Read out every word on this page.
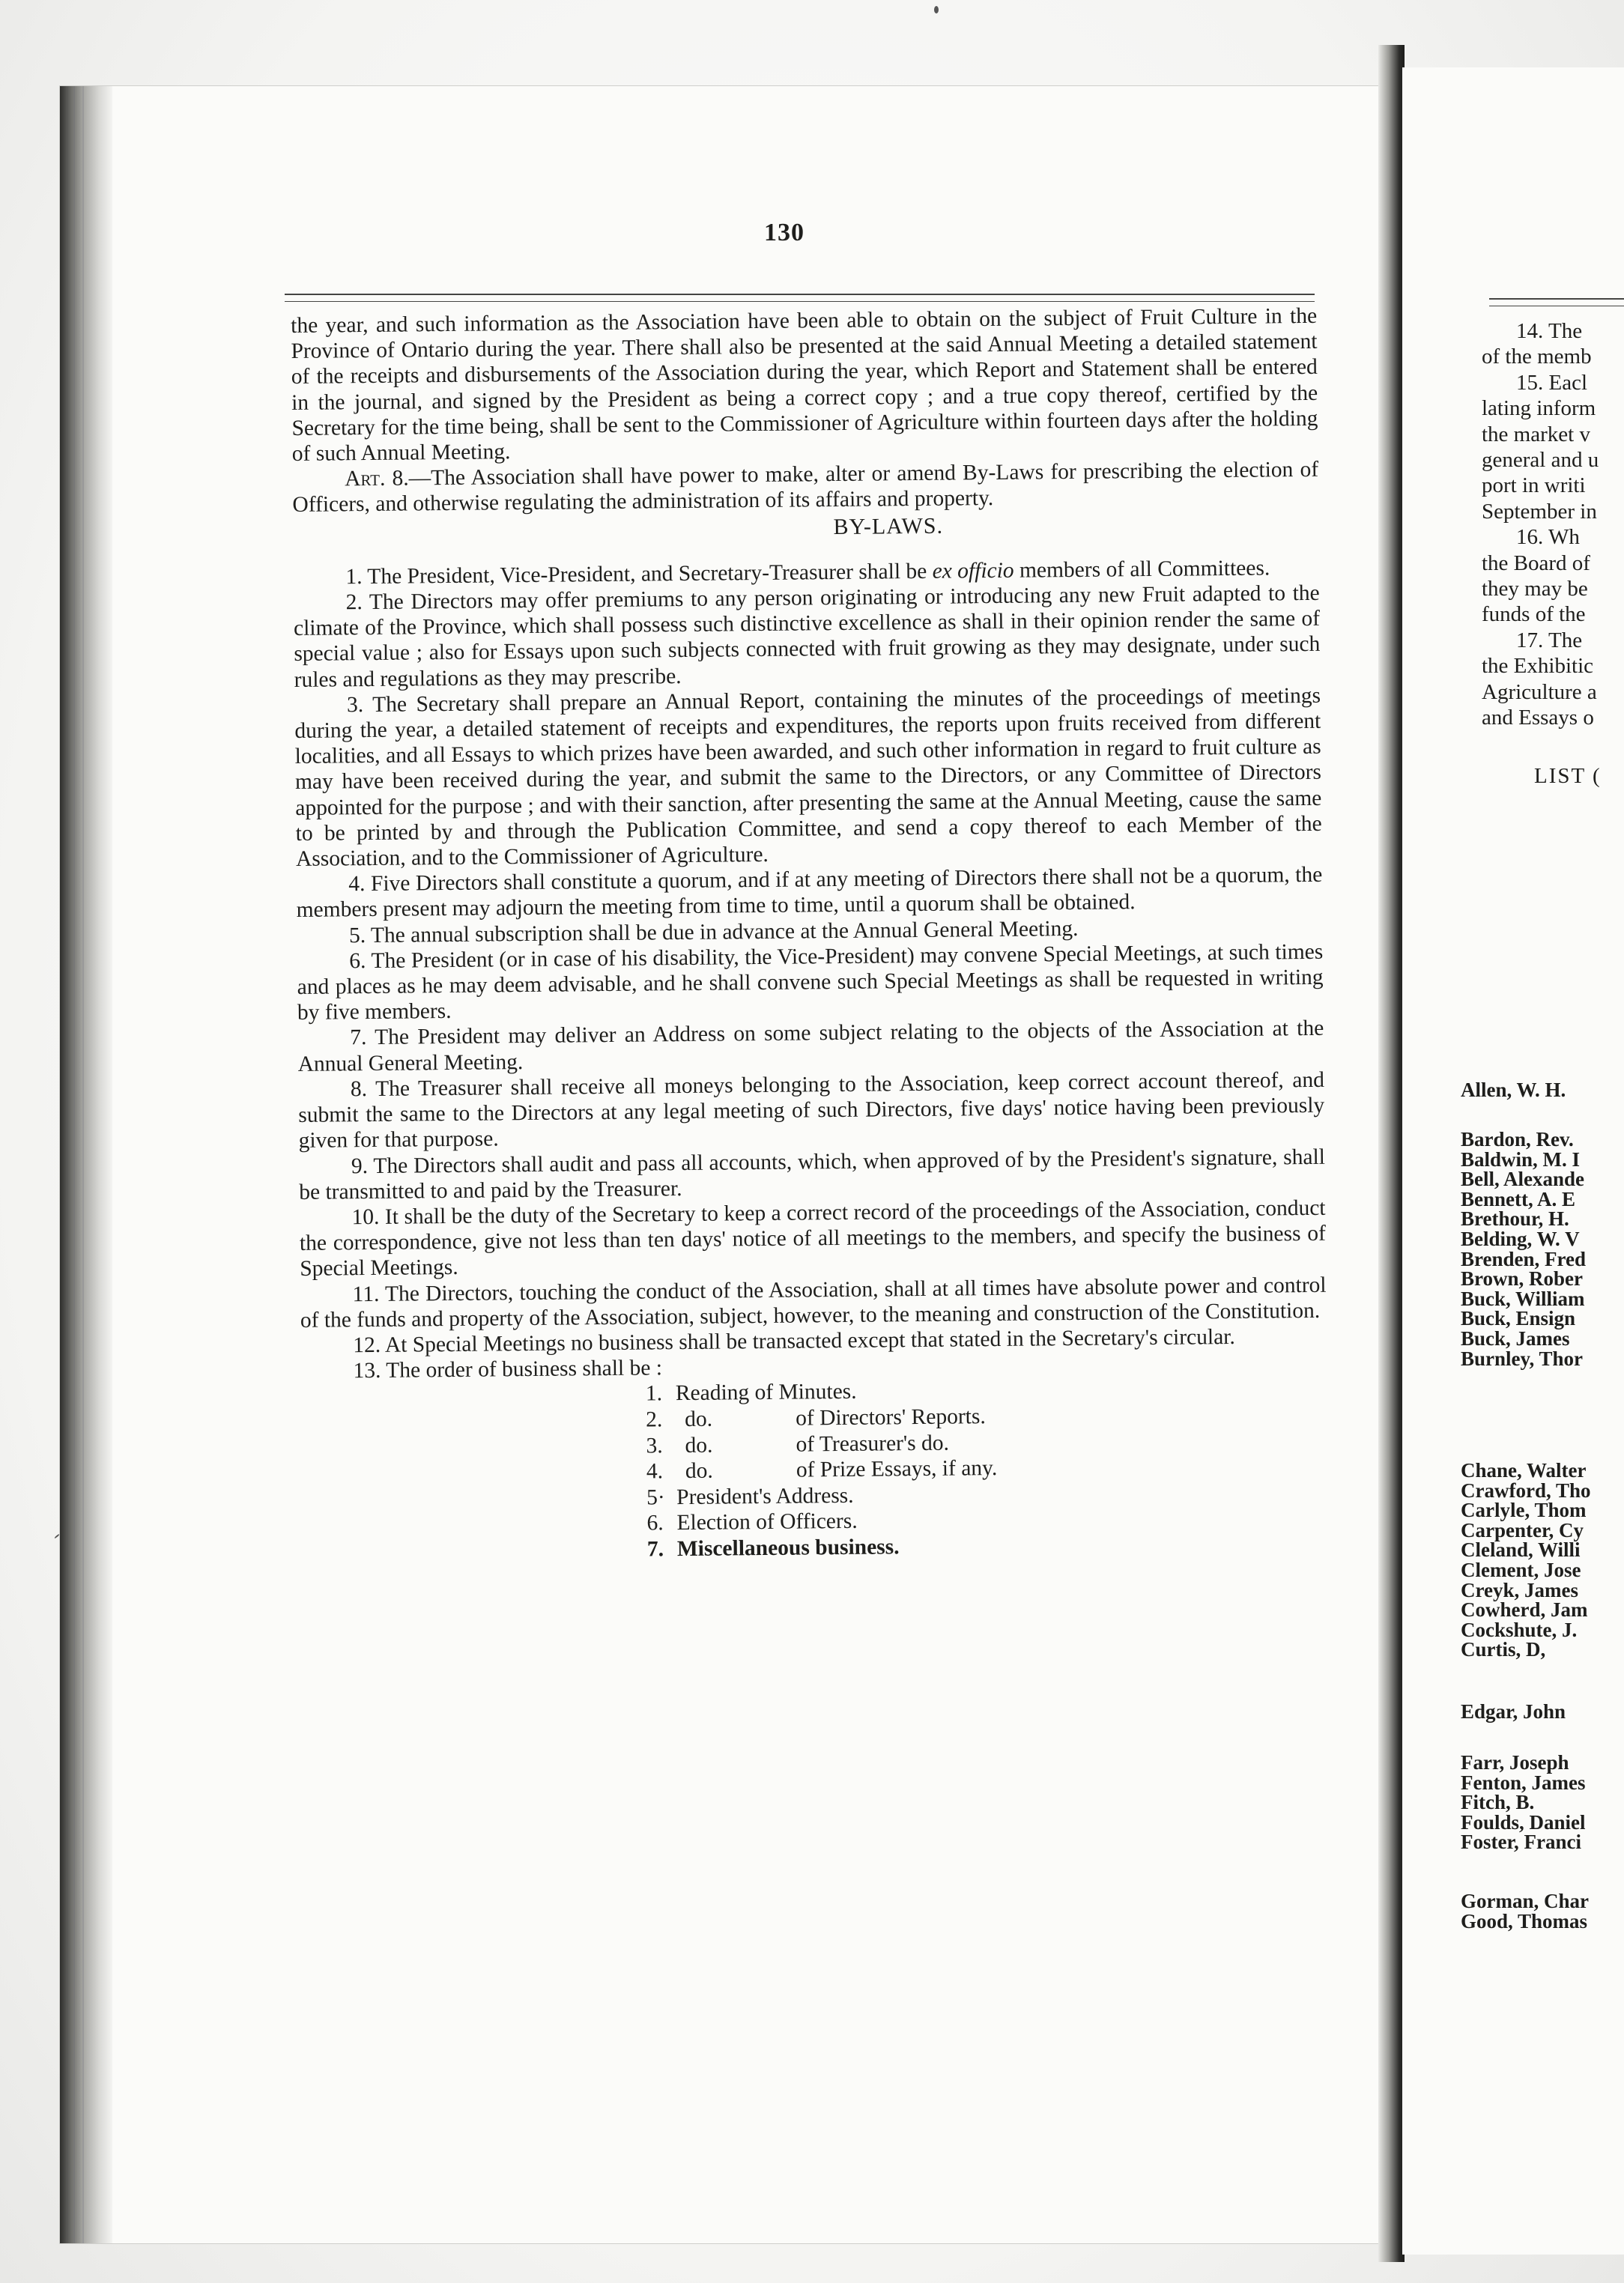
130

the year, and such information as the Association have been able to obtain on the subject of Fruit Culture in the Province of Ontario during the year. There shall also be presented at the said Annual Meeting a detailed statement of the receipts and disbursements of the Association during the year, which Report and Statement shall be entered in the journal, and signed by the President as being a correct copy ; and a true copy thereof, certified by the Secretary for the time being, shall be sent to the Commissioner of Agriculture within fourteen days after the holding of such Annual Meeting.

Art. 8.—The Association shall have power to make, alter or amend By-Laws for prescribing the election of Officers, and otherwise regulating the administration of its affairs and property.

BY-LAWS.

1. The President, Vice-President, and Secretary-Treasurer shall be ex officio members of all Committees.

2. The Directors may offer premiums to any person originating or introducing any new Fruit adapted to the climate of the Province, which shall possess such distinctive excellence as shall in their opinion render the same of special value ; also for Essays upon such subjects connected with fruit growing as they may designate, under such rules and regulations as they may prescribe.

3. The Secretary shall prepare an Annual Report, containing the minutes of the proceedings of meetings during the year, a detailed statement of receipts and expenditures, the reports upon fruits received from different localities, and all Essays to which prizes have been awarded, and such other information in regard to fruit culture as may have been received during the year, and submit the same to the Directors, or any Committee of Directors appointed for the purpose ; and with their sanction, after presenting the same at the Annual Meeting, cause the same to be printed by and through the Publication Committee, and send a copy thereof to each Member of the Association, and to the Commissioner of Agriculture.

4. Five Directors shall constitute a quorum, and if at any meeting of Directors there shall not be a quorum, the members present may adjourn the meeting from time to time, until a quorum shall be obtained.

5. The annual subscription shall be due in advance at the Annual General Meeting.

6. The President (or in case of his disability, the Vice-President) may convene Special Meetings, at such times and places as he may deem advisable, and he shall convene such Special Meetings as shall be requested in writing by five members.

7. The President may deliver an Address on some subject relating to the objects of the Association at the Annual General Meeting.

8. The Treasurer shall receive all moneys belonging to the Association, keep correct account thereof, and submit the same to the Directors at any legal meeting of such Directors, five days' notice having been previously given for that purpose.

9. The Directors shall audit and pass all accounts, which, when approved of by the President's signature, shall be transmitted to and paid by the Treasurer.

10. It shall be the duty of the Secretary to keep a correct record of the proceedings of the Association, conduct the correspondence, give not less than ten days' notice of all meetings to the members, and specify the business of Special Meetings.

11. The Directors, touching the conduct of the Association, shall at all times have absolute power and control of the funds and property of the Association, subject, however, to the meaning and construction of the Constitution.

12. At Special Meetings no business shall be transacted except that stated in the Secretary's circular.

13. The order of business shall be :

1. Reading of Minutes.
2. do.	of Directors' Reports.
3. do.	of Treasurer's do.
4. do.	of Prize Essays, if any.
5· President's Address.
6. Election of Officers.
7. Miscellaneous business.
14. The
of the memb
15. Eacl
lating inform
the market v
general and u
port in writi
September in
16. Wh
the Board of
they may be
funds of the
17. The
the Exhibitic
Agriculture a
and Essays o
LIST (
Allen, W. H.
Bardon, Rev.
Baldwin, M. I
Bell, Alexande
Bennett, A. E
Brethour, H.
Belding, W. V
Brenden, Fred
Brown, Rober
Buck, William
Buck, Ensign
Buck, James
Burnley, Thor
Chane, Walter
Crawford, Tho
Carlyle, Thom
Carpenter, Cy
Cleland, Willi
Clement, Jose
Creyk, James
Cowherd, Jam
Cockshute, J.
Curtis, D,
Edgar, John
Farr, Joseph
Fenton, James
Fitch, B.
Foulds, Daniel
Foster, Franci
Gorman, Char
Good, Thomas
